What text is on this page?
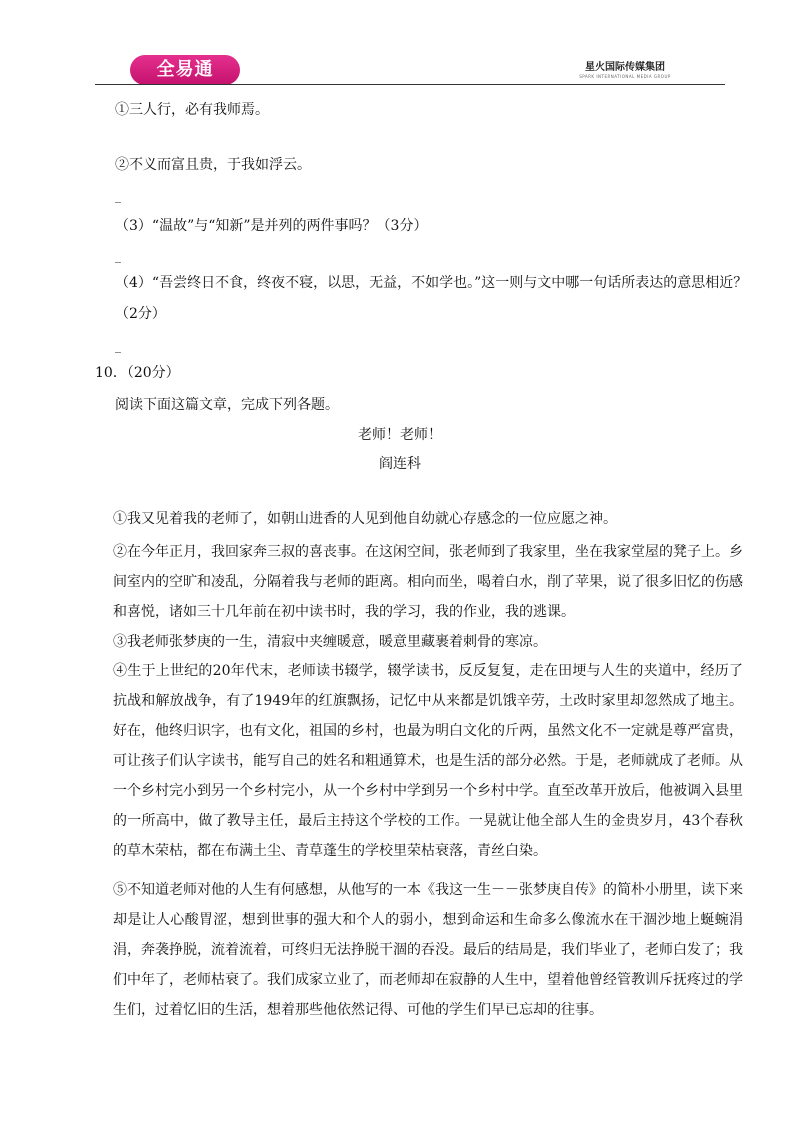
全易通	星火国际传媒集团
SPARK INTERNATIONAL MEDIA GROUP
①三人行，必有我师焉。
②不义而富且贵，于我如浮云。
_
（3）“温故”与“知新”是并列的两件事吗？（3分）
_
（4）“吾尝终日不食，终夜不寝，以思，无益，不如学也。”这一则与文中哪一句话所表达的意思相近？
（2分）
_
10．（20分）
阅读下面这篇文章，完成下列各题。
老师！老师！
阎连科
①我又见着我的老师了，如朝山进香的人见到他自幼就心存感念的一位应愿之神。
②在今年正月，我回家奔三叔的喜丧事。在这闲空间，张老师到了我家里，坐在我家堂屋的凳子上。乡间室内的空旷和凌乱，分隔着我与老师的距离。相向而坐，喝着白水，削了苹果，说了很多旧忆的伤感和喜悦，诸如三十几年前在初中读书时，我的学习，我的作业，我的逃课。
③我老师张梦庚的一生，清寂中夹缠暖意，暖意里藏裹着刺骨的寒凉。
④生于上世纪的20年代末，老师读书辍学，辍学读书，反反复复，走在田埂与人生的夹道中，经历了抗战和解放战争，有了1949年的红旗飘扬，记忆中从来都是饥饿辛劳，土改时家里却忽然成了地主。好在，他终归识字，也有文化，祖国的乡村，也最为明白文化的斤两，虽然文化不一定就是尊严富贵，可让孩子们认字读书，能写自己的姓名和粗通算术，也是生活的部分必然。于是，老师就成了老师。从一个乡村完小到另一个乡村完小，从一个乡村中学到另一个乡村中学。直至改革开放后，他被调入县里的一所高中，做了教导主任，最后主持这个学校的工作。一晃就让他全部人生的金贵岁月，43个春秋的草木荣枯，都在布满土尘、青草蓬生的学校里荣枯衰落，青丝白染。
⑤不知道老师对他的人生有何感想，从他写的一本《我这一生－－张梦庚自传》的简朴小册里，读下来却是让人心酸胃涩，想到世事的强大和个人的弱小，想到命运和生命多么像流水在干涸沙地上蜒蜿涓涓，奔袭挣脱，流着流着，可终归无法挣脱干涸的吞没。最后的结局是，我们毕业了，老师白发了；我们中年了，老师枯衰了。我们成家立业了，而老师却在寂静的人生中，望着他曾经管教训斥抚疼过的学生们，过着忆旧的生活，想着那些他依然记得、可他的学生们早已忘却的往事。
